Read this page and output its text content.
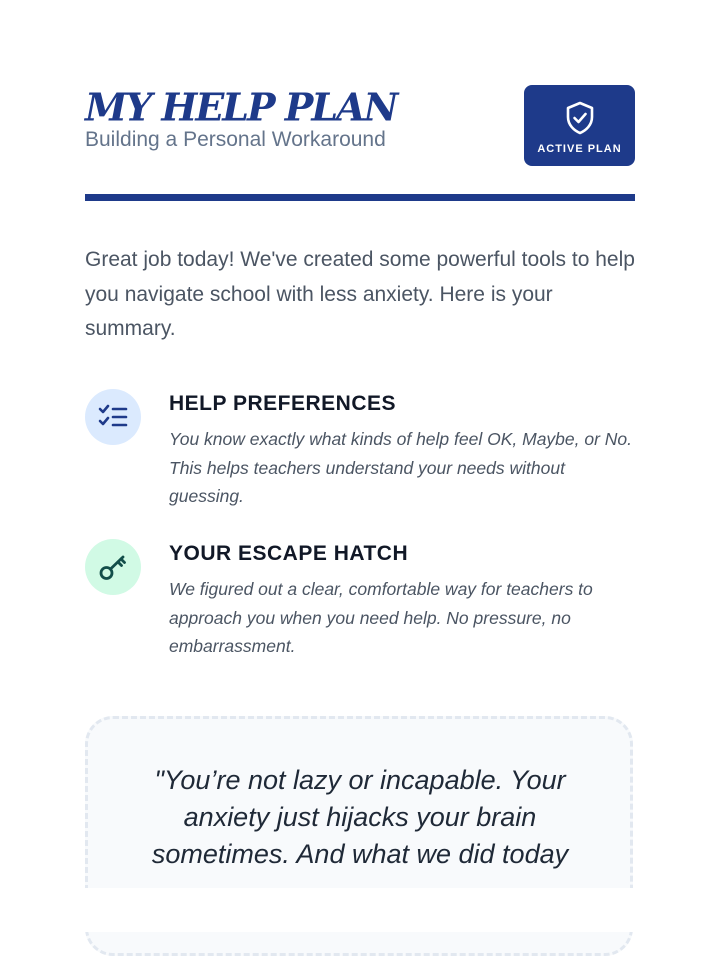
MY HELP PLAN
Building a Personal Workaround	ACTIVE PLAN
Great job today! We've created some powerful tools to help you navigate school with less anxiety. Here is your summary.
HELP PREFERENCES
You know exactly what kinds of help feel OK, Maybe, or No. This helps teachers understand your needs without guessing.
YOUR ESCAPE HATCH
We figured out a clear, comfortable way for teachers to approach you when you need help. No pressure, no embarrassment.
"You’re not lazy or incapable. Your
anxiety just hijacks your brain
sometimes. And what we did today
